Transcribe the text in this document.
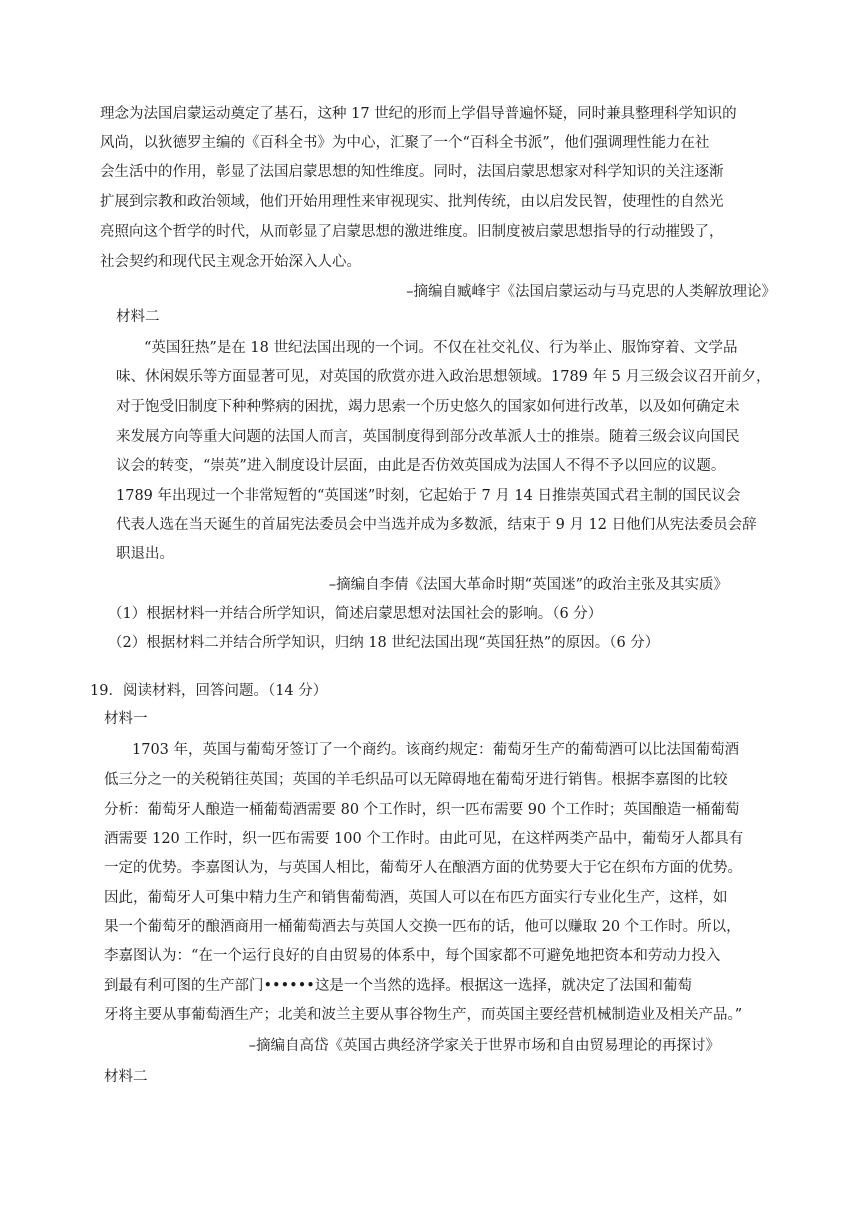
理念为法国启蒙运动奠定了基石，这种 17 世纪的形而上学倡导普遍怀疑，同时兼具整理科学知识的
风尚，以狄德罗主编的《百科全书》为中心，汇聚了一个“百科全书派”，他们强调理性能力在社
会生活中的作用，彰显了法国启蒙思想的知性维度。同时，法国启蒙思想家对科学知识的关注逐渐
扩展到宗教和政治领域，他们开始用理性来审视现实、批判传统，由以启发民智，使理性的自然光
亮照向这个哲学的时代，从而彰显了启蒙思想的激进维度。旧制度被启蒙思想指导的行动摧毁了，
社会契约和现代民主观念开始深入人心。
–摘编自臧峰宇《法国启蒙运动与马克思的人类解放理论》
材料二
“英国狂热”是在 18 世纪法国出现的一个词。不仅在社交礼仪、行为举止、服饰穿着、文学品
味、休闲娱乐等方面显著可见，对英国的欣赏亦进入政治思想领域。1789 年 5 月三级会议召开前夕，
对于饱受旧制度下种种弊病的困扰，竭力思索一个历史悠久的国家如何进行改革，以及如何确定未
来发展方向等重大问题的法国人而言，英国制度得到部分改革派人士的推崇。随着三级会议向国民
议会的转变，“崇英”进入制度设计层面，由此是否仿效英国成为法国人不得不予以回应的议题。
1789 年出现过一个非常短暂的“英国迷”时刻，它起始于 7 月 14 日推崇英国式君主制的国民议会
代表人选在当天诞生的首届宪法委员会中当选并成为多数派，结束于 9 月 12 日他们从宪法委员会辞
职退出。
–摘编自李倩《法国大革命时期“英国迷”的政治主张及其实质》
（1）根据材料一并结合所学知识，简述启蒙思想对法国社会的影响。（6 分）
（2）根据材料二并结合所学知识，归纳 18 世纪法国出现“英国狂热”的原因。（6 分）
19．阅读材料，回答问题。（14 分）
材料一
1703 年，英国与葡萄牙签订了一个商约。该商约规定：葡萄牙生产的葡萄酒可以比法国葡萄酒
低三分之一的关税销往英国；英国的羊毛织品可以无障碍地在葡萄牙进行销售。根据李嘉图的比较
分析：葡萄牙人酿造一桶葡萄酒需要 80 个工作时，织一匹布需要 90 个工作时；英国酿造一桶葡萄
酒需要 120 工作时，织一匹布需要 100 个工作时。由此可见，在这样两类产品中，葡萄牙人都具有
一定的优势。李嘉图认为，与英国人相比，葡萄牙人在酿酒方面的优势要大于它在织布方面的优势。
因此，葡萄牙人可集中精力生产和销售葡萄酒，英国人可以在布匹方面实行专业化生产，这样，如
果一个葡萄牙的酿酒商用一桶葡萄酒去与英国人交换一匹布的话，他可以赚取 20 个工作时。所以，
李嘉图认为：“在一个运行良好的自由贸易的体系中，每个国家都不可避免地把资本和劳动力投入
到最有利可图的生产部门••••••这是一个当然的选择。根据这一选择，就决定了法国和葡萄
牙将主要从事葡萄酒生产；北美和波兰主要从事谷物生产，而英国主要经营机械制造业及相关产品。”
–摘编自高岱《英国古典经济学家关于世界市场和自由贸易理论的再探讨》
材料二
